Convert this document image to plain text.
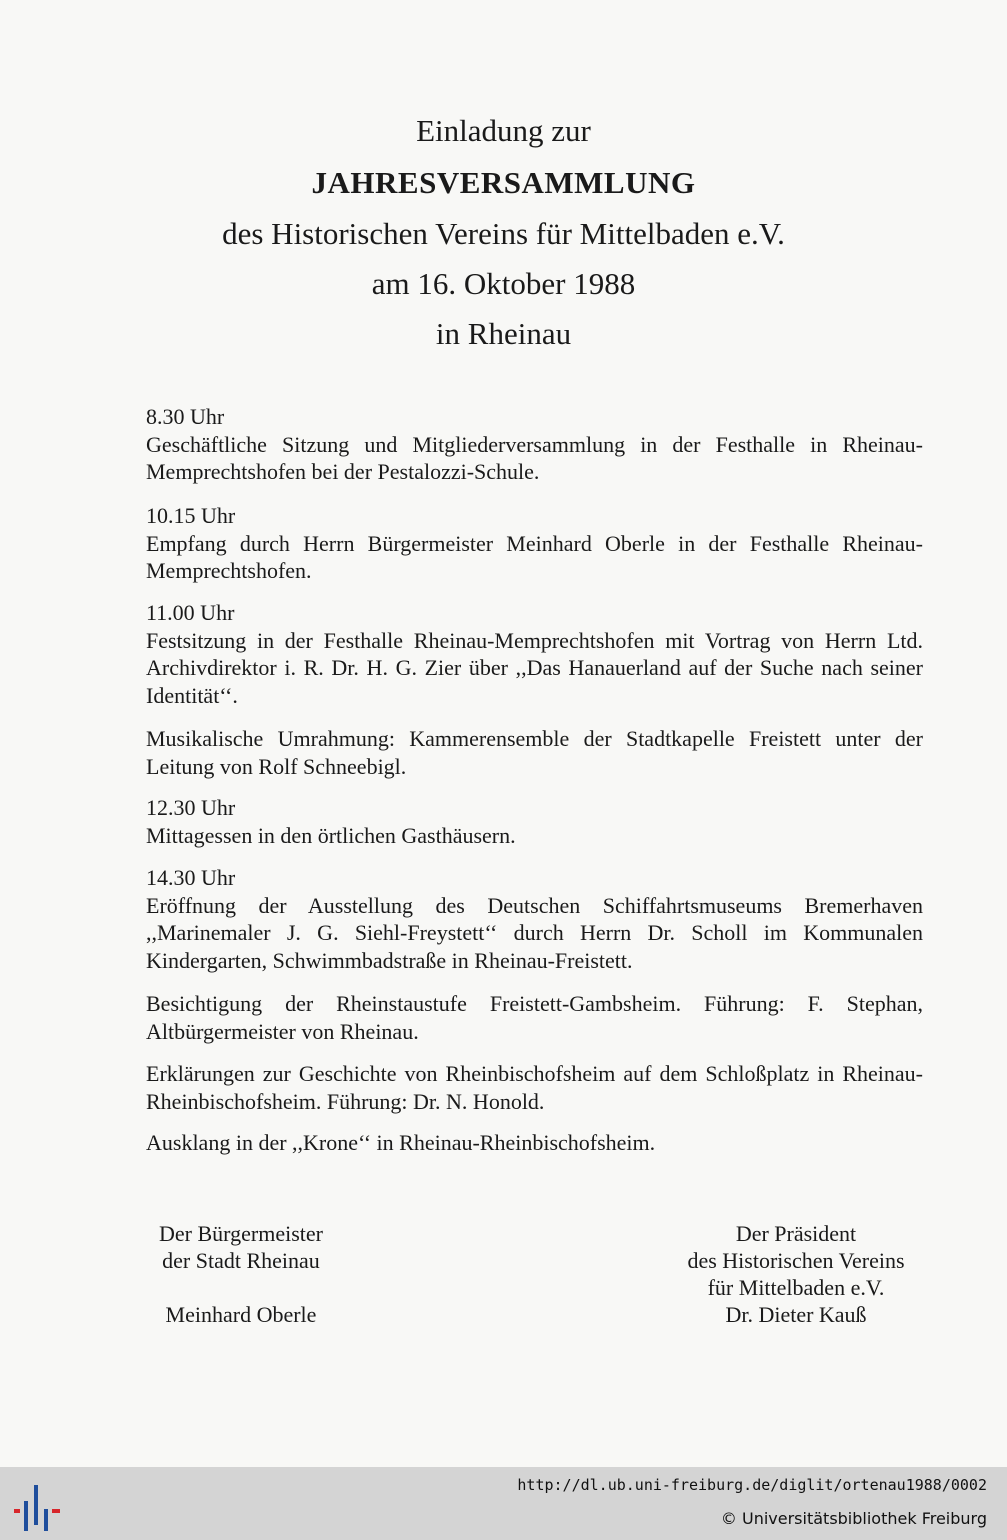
Einladung zur
JAHRESVERSAMMLUNG
des Historischen Vereins für Mittelbaden e.V.
am 16. Oktober 1988
in Rheinau

8.30 Uhr

Geschäftliche Sitzung und Mitgliederversammlung in der Festhalle in Rheinau-Memprechtshofen bei der Pestalozzi-Schule.

10.15 Uhr

Empfang durch Herrn Bürgermeister Meinhard Oberle in der Festhalle Rheinau-Memprechtshofen.

11.00 Uhr

Festsitzung in der Festhalle Rheinau-Memprechtshofen mit Vortrag von Herrn Ltd. Archivdirektor i. R. Dr. H. G. Zier über ,,Das Hanauerland auf der Suche nach seiner Identität‘‘.

Musikalische Umrahmung: Kammerensemble der Stadtkapelle Freistett unter der Leitung von Rolf Schneebigl.

12.30 Uhr

Mittagessen in den örtlichen Gasthäusern.

14.30 Uhr

Eröffnung der Ausstellung des Deutschen Schiffahrtsmuseums Bremerhaven ,,Marinemaler J. G. Siehl-Freystett‘‘ durch Herrn Dr. Scholl im Kommunalen Kindergarten, Schwimmbadstraße in Rheinau-Freistett.

Besichtigung der Rheinstaustufe Freistett-Gambsheim. Führung: F. Stephan, Altbürgermeister von Rheinau.

Erklärungen zur Geschichte von Rheinbischofsheim auf dem Schloßplatz in Rheinau-Rheinbischofsheim. Führung: Dr. N. Honold.

Ausklang in der ,,Krone‘‘ in Rheinau-Rheinbischofsheim.

Der Bürgermeister
der Stadt Rheinau
Meinhard Oberle
Der Präsident
des Historischen Vereins
für Mittelbaden e.V.
Dr. Dieter Kauß
http://dl.ub.uni-freiburg.de/diglit/ortenau1988/0002
© Universitätsbibliothek Freiburg
